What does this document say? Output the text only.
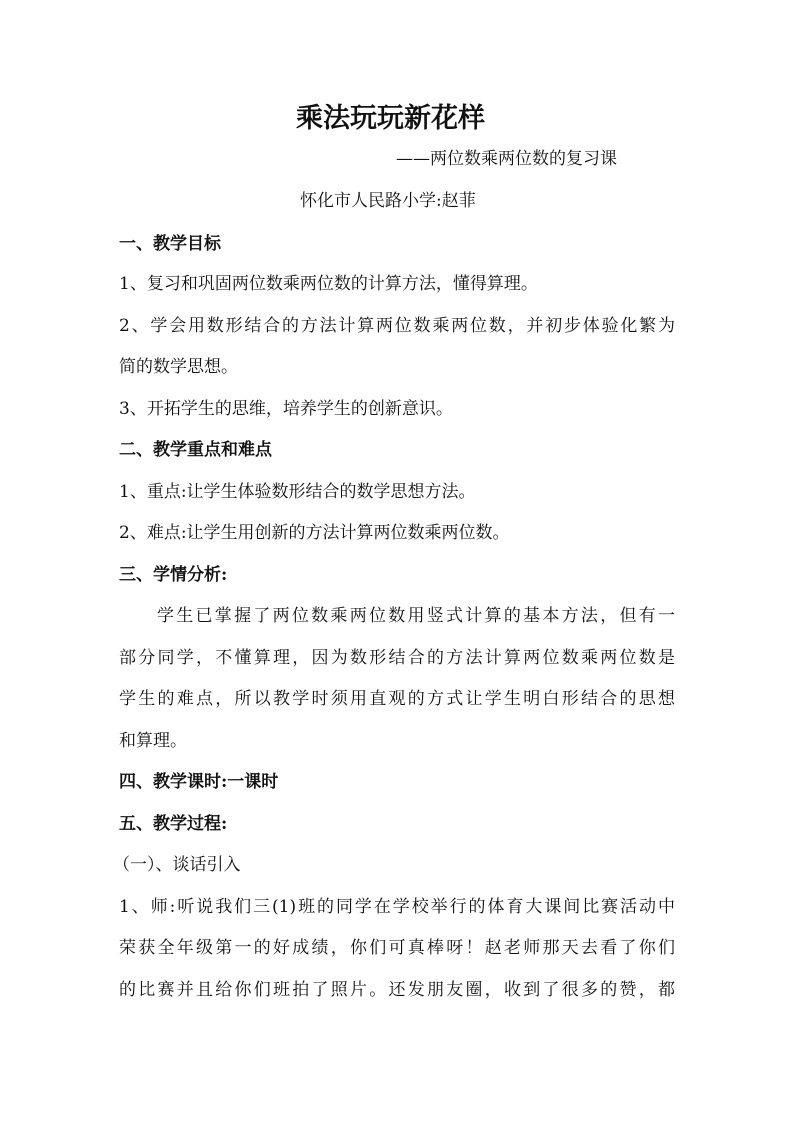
乘法玩玩新花样
——两位数乘两位数的复习课
怀化市人民路小学:赵菲
一、教学目标
1、复习和巩固两位数乘两位数的计算方法，懂得算理。
2、学会用数形结合的方法计算两位数乘两位数，并初步体验化繁为
简的数学思想。
3、开拓学生的思维，培养学生的创新意识。
二、教学重点和难点
1、重点:让学生体验数形结合的数学思想方法。
2、难点:让学生用创新的方法计算两位数乘两位数。
三、学情分析:
学生已掌握了两位数乘两位数用竖式计算的基本方法，但有一
部分同学，不懂算理，因为数形结合的方法计算两位数乘两位数是
学生的难点，所以教学时须用直观的方式让学生明白形结合的思想
和算理。
四、教学课时:一课时
五、教学过程:
（一）、谈话引入
1、师:听说我们三(1)班的同学在学校举行的体育大课间比赛活动中
荣获全年级第一的好成绩，你们可真棒呀！赵老师那天去看了你们
的比赛并且给你们班拍了照片。还发朋友圈，收到了很多的赞，都
